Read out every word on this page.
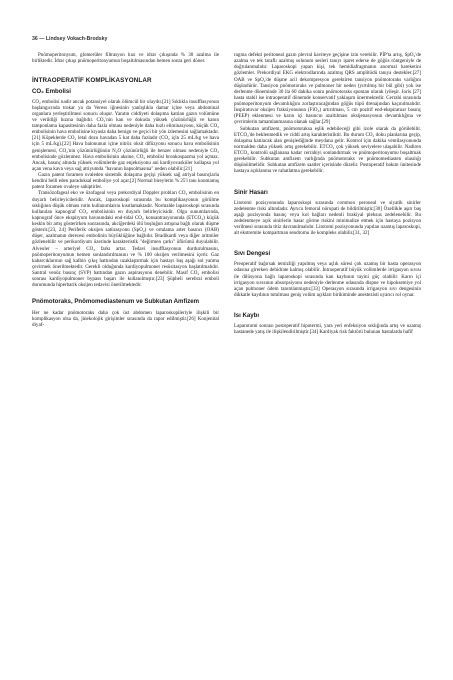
36 — Lindsey Vokach-Brodsky

Pnömoperitonyum, glomerüler filtrasyon hızı ve idrar çıkışında % 30 azalma ile birliktedir. İdrar çıkışı pnömoperitonyumun boşaltılmasından hemen sonra geri döner.

İNTRAOPERATİF KOMPLİKASYONLAR
CO₂ Embolisi

CO₂ embolisi nadir ancak potansiyel olarak ölümcül bir olaydır.[21] Sıklıkla insufflasyonun başlangıcında trokar ya da Veress iğnesinin yanlışlıkla damar içine veya abdominal organlara yerleştirilmesi sonucu oluşur. Yanıtın ciddiyeti dolaşıma katılan gazın volümüne ve verildiği hızına bağlıdır. CO₂'nin kan ve dokuda yüksek çözünürlüğü ve kanın tamponlama kapasitesinin daha fazla olması nedeniyle daha hızlı eliminasyonu, küçük CO₂ embolisinin hava embolisine kıyasla daha benign ve geçici bir yön izlemesini sağlamaktadır.[21] Köpeklerde CO₂ letal dozu havadan 5 kat daha fazladır (CO₂ için 25 mL/kg ve hava için 5 mL/kg).[22] Hava balonunun içine nitröz oksit difüzyonu sonucu hava embolisinin genişlemesi, CO₂'nin çözünürlüğünün N₂O çözünürlüğü ile benzer olması nedeniyle CO₂ embolisinde gözlenmez. Hava embolisinin aksine, CO₂ embolisi bronkospazma yol açmaz. Ancak, basınç altında yüksek volümlerde gaz enjeksiyonu ani kardiyovasküler kollapsa yol açan vena kava veya sağ atriyumda "havanın hapsolmasına" neden olabilir.[21]

Gazın patent foramen ovaleden sistemik dolaşıma geçişi yüksek sağ atriyal basınçlarla kendini belli eden paradoksal emboliye yol açar.[2] Normal bireylerin % 25'i tanı konmamış patent foramen ovaleye sahiptirler.

Transözofageal eko ve özofageal veya prekordiyal Doppler probları CO₂ embolisinin en duyarlı belirleyicileridir. Ancak, laparoskopi sırasında bu komplikasyonun görülme sıklığının düşük olması rutin kullanımlarını kısıtlamaktadır. Normalde laparoskopi sırasında kullanılan kapnograf CO₂ embolisinin en duyarlı belirleyicisidir. Olgu sunumlarında, kapnograf önce ekspiryum havasındaki end-tidal CO₂ konsantrasyonunda (ETCO₂) küçük keskin bir artış gösterirken sonrasında, akciğerdeki ölü boşluğun artışına bağlı olarak düşme gösterir.[23, 24] Periferik oksijen satürasyonu (SpO₂) ve ortalama arter basıncı (OAB) düşer, azalmanın derecesi embolinin büyüklüğüne bağlıdır. Bradikardi veya diğer aritmiler gözlenebilir ve perikordiyum üzerinde karakteristik "değirmen çarkı" üfürümü duyulabilir. Alveoler – arteriyel CO₂ farkı artar. Tedavi insufflasyonun durdurulmasını, pnömoperitonyumun hemen sonlandırılmasını ve % 100 oksijen verilmesini içerir. Gaz kabarcıklarının sağ kalbin çıkış hattından uzaklaştırmak için hastayı baş aşağı sol yanma çevirmek önerilmektedir. Gerekli olduğunda kardiyopulmoner resüsitasyon başlatılmalıdır. Santral venöz basınç (SVP) hattından gazın aspirasyonu denebilir. Masif CO₂ embolisi sonrası kardiyopulmoner bypass başarı ile kullanılmıştır.[23] Şüpheli serebral emboli durumunda hiperbarik oksijen tedavisi önerilmektedir.

Pnömotoraks, Pnömomediastenum ve Subkutan Amfizem

Her ne kadar pnömotoraks daha çok üst abdomen laparoskopileriyle ilişkili bir komplikasyon olsa da, jinekolojik girişimler sırasında da rapor edilmiştir.[26] Konjenital diyaf-

ragma defekti peritoneal gazın plevral kaviteye geçişine izin verebilir. PİP'ta artış, SpO₂'de azalma ve tek taraflı azalmış solunum sesleri tanıyı işaret ederse de göğüs röntgeniyle de doğrulanmalıdır. Laparoskopi yapan kişi, tek hemidiafragmanın anormal hareketini gözlemler. Prekordiyal EKG elektrodlarında azalmış QRS amplitüdü tanıya destekler.[27] OAB ve SpO₂'de düşme acil dekompresyon gerektiren tansiyon pnömotoraks varlığını düşündürür. Tansiyon pnömotoraks ve pulmoner bir neden (yırtılmış bir bül gibi) yok ise derlenme döneminde 30 ila 60 dakika sonra pnömotoraks spontan olarak iyileşir. Joris [27] hasta stabil ise intraoperatif dönemde konservatif yaklaşım önermektedir. Cerrahi sırasında pnömoperitonyum devamlılığını zorlaştıracağından göğüs tüpü drenajından kaçınılmalıdır. İnspiratuvar oksijen fraksiyonunun (FiO₂) artırılması, 5 cm pozitif end-ekspiratuar basınç (PEEP) eklenmesi ve karın içi basıncın azaltılması oksijenasyonun devamlılığına ve çevrimlerin tamamlanmasına olanak sağlar.[29]

Subkutan amfizem, pnömotoraksa eşlik edebileceği gibi izole olarak da görülebilir. ETCO₂'de beklenmedik ve ciddi artış karakteristiktir. Bu durum CO₂ doku planlarına geçip, dolaşıma katılacak alan genişlediğinde meydana gelir. Kontrol için dakika ventilasyonunda normalden daha yüksek artış gerekebilir. ETCO₂ çok yüksek seviyelere ulaşabilir. Nadiren ETCO₂ kontrolü sağlanana kadar cerrahiyi sonlandırmak ve pnömoperitonyumu boşaltmak gerekebilir. Subkutan amfizem varlığında pnömotoraks ve pnömomediasten olasılığı düşünülmelidir. Subkutan amfizem saatler içerisinde düzelir. Postoperatif bakım ünitesinde hastaya açıklanma ve rahatlatma gerekebilir.

Sinir Hasarı

Litotomi pozisyonunda laparoskopi sırasında common peroneal ve siyatik sinirler zedelenme riski altındadır. Ayrıca femoral nöropati de bildirilmiştir.[30] Özellikle aşırı baş aşağı pozisyonda basınç veya kol bağları nedenli brakiyal pleksus zedelenebilir. Bu zedelenmeye açık sinirlerin hasar görme riskini minimalize etmek için hastaya pozisyon verilmesi sırasında titiz davranılmalıdır. Litotomi pozisyonunda yapılan uzamış laparoskopi, alt ekstremite kompartman sendromu ile kompleks olabilir.[31, 32]

Sıvı Dengesi

Preoperatif bağırsak temizliği yapılmış veya açlık süresi çok uzamış bir hasta operasyon odasına girerken dehidrate kalmış olabilir. İntraoperatif büyük volümlerde irrigasyon sıvısı ile dilüsyona bağlı laparoskopi sırasında kan kaybının tayini güç olabilir. Karın içi irrigasyon sıvısının absorpsiyonu nedeniyle derlenme odasında dispne ve hipoksemiye yol açan pulmoner ödem tanımlanmıştır.[33] Operasyon sırasında irrigasyon sıvı dengesinin dikkatle kaydının tutulması geniş volüm açıkları birikiminde anestezisti uyarıcı rol oynar.

Isı Kaybı

Laparotomi sonrası postoperatif hipotermi, yara yeri enfeksiyon sıklığında artış ve uzamış hastanede yatış ile ilişkilendirilmiştir.[34] Kardiyak risk faktörü bulunan hastalarda hafif
